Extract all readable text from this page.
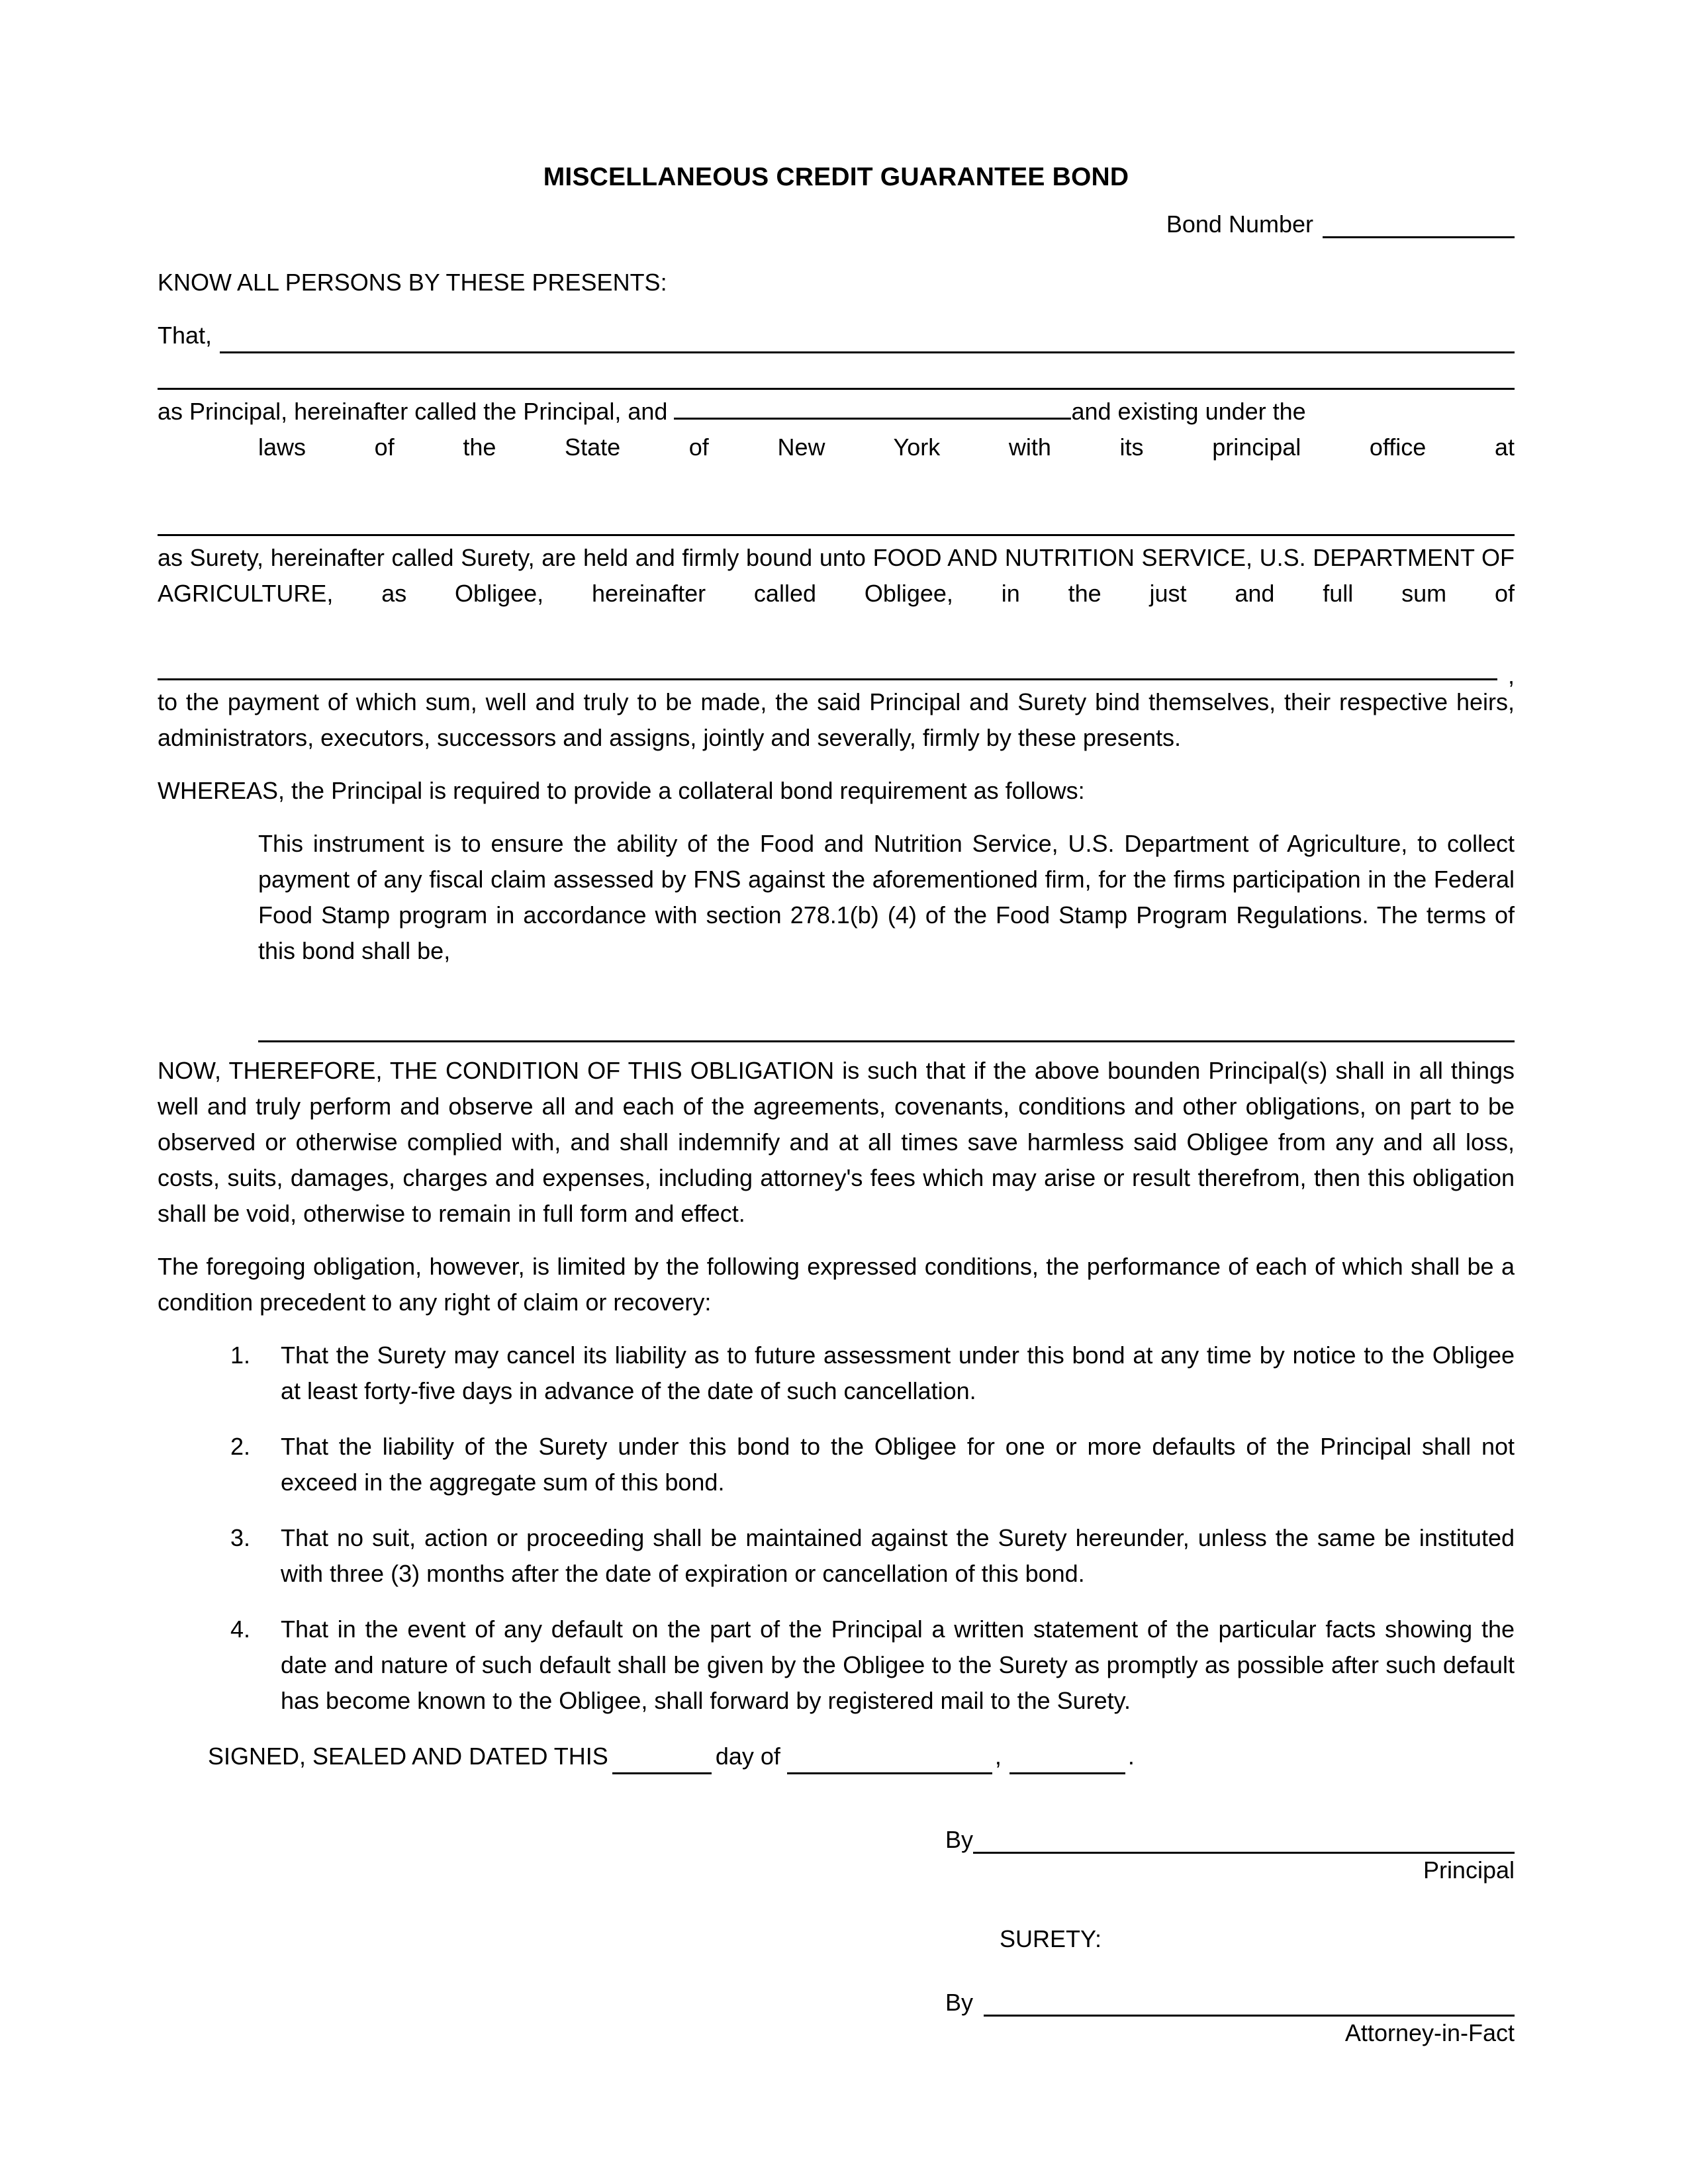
MISCELLANEOUS CREDIT GUARANTEE BOND
Bond Number

KNOW ALL PERSONS BY THESE PRESENTS:

That,

as Principal, hereinafter called the Principal, and	and existing under the

laws of the State of New York with its principal office at

as Surety, hereinafter called Surety, are held and firmly bound unto FOOD AND NUTRITION SERVICE, U.S. DEPARTMENT OF AGRICULTURE, as Obligee, hereinafter called Obligee, in the just and full sum of

,

to the payment of which sum, well and truly to be made, the said Principal and Surety bind themselves, their respective heirs, administrators, executors, successors and assigns, jointly and severally, firmly by these presents.

WHEREAS, the Principal is required to provide a collateral bond requirement as follows:

This instrument is to ensure the ability of the Food and Nutrition Service, U.S. Department of Agriculture, to collect payment of any fiscal claim assessed by FNS against the aforementioned firm, for the firms participation in the Federal Food Stamp program in accordance with section 278.1(b) (4) of the Food Stamp Program Regulations. The terms of this bond shall be,

NOW, THEREFORE, THE CONDITION OF THIS OBLIGATION is such that if the above bounden Principal(s) shall in all things well and truly perform and observe all and each of the agreements, covenants, conditions and other obligations, on part to be observed or otherwise complied with, and shall indemnify and at all times save harmless said Obligee from any and all loss, costs, suits, damages, charges and expenses, including attorney's fees which may arise or result therefrom, then this obligation shall be void, otherwise to remain in full form and effect.

The foregoing obligation, however, is limited by the following expressed conditions, the performance of each of which shall be a condition precedent to any right of claim or recovery:

1.	That the Surety may cancel its liability as to future assessment under this bond at any time by notice to the Obligee at least forty-five days in advance of the date of such cancellation.
2.	That the liability of the Surety under this bond to the Obligee for one or more defaults of the Principal shall not exceed in the aggregate sum of this bond.
3.	That no suit, action or proceeding shall be maintained against the Surety hereunder, unless the same be instituted with three (3) months after the date of expiration or cancellation of this bond.
4.	That in the event of any default on the part of the Principal a written statement of the particular facts showing the date and nature of such default shall be given by the Obligee to the Surety as promptly as possible after such default has become known to the Obligee, shall forward by registered mail to the Surety.
SIGNED, SEALED AND DATED THIS	day of	,	.
By
Principal
SURETY:
By
Attorney-in-Fact
